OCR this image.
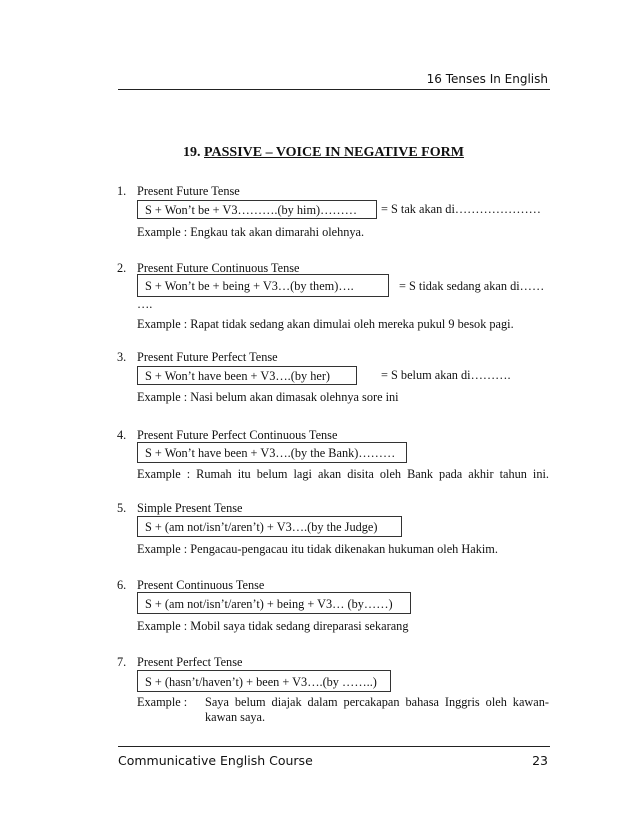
16 Tenses In English
19. PASSIVE – VOICE IN NEGATIVE FORM
1. Present Future Tense
S + Won’t be + V3……….(by him)………	= S tak akan di…………………
Example : Engkau tak akan dimarahi olehnya.
2. Present Future Continuous Tense
S + Won’t be + being + V3…(by them)….	= S tidak sedang akan di……
….
Example : Rapat tidak sedang akan dimulai oleh mereka pukul 9 besok pagi.
3. Present Future Perfect Tense
S + Won’t have been + V3….(by her)	= S belum akan di……….
Example : Nasi belum akan dimasak olehnya sore ini
4. Present Future Perfect Continuous Tense
S + Won’t have been + V3….(by the Bank)………
Example : Rumah itu belum lagi akan disita oleh Bank pada akhir tahun ini.
5. Simple Present Tense
S + (am not/isn’t/aren’t) + V3….(by the Judge)
Example : Pengacau-pengacau itu tidak dikenakan hukuman oleh Hakim.
6. Present Continuous Tense
S + (am not/isn’t/aren’t) + being + V3… (by……)
Example : Mobil saya tidak sedang direparasi sekarang
7. Present Perfect Tense
S + (hasn’t/haven’t) + been + V3….(by ……..)
Example : Saya belum diajak dalam percakapan bahasa Inggris oleh kawan-
kawan saya.
Communicative English Course	23
